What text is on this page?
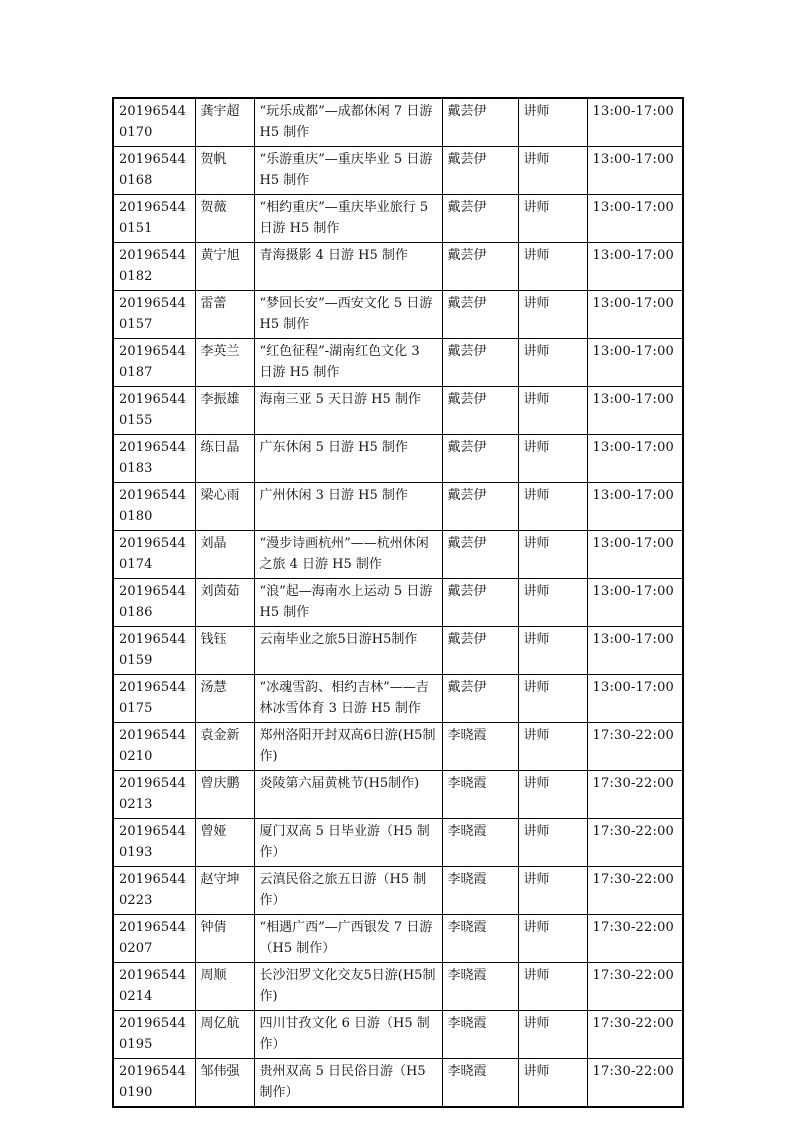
201965440170	龚宇超	“玩乐成都”—成都休闲 7 日游 H5 制作	戴芸伊	讲师	13:00-17:00
201965440168	贺帆	“乐游重庆”—重庆毕业 5 日游 H5 制作	戴芸伊	讲师	13:00-17:00
201965440151	贺薇	“相约重庆”—重庆毕业旅行 5 日游 H5 制作	戴芸伊	讲师	13:00-17:00
201965440182	黄宁旭	青海摄影 4 日游 H5 制作	戴芸伊	讲师	13:00-17:00
201965440157	雷蕾	“梦回长安”—西安文化 5 日游 H5 制作	戴芸伊	讲师	13:00-17:00
201965440187	李英兰	“红色征程”-湖南红色文化 3 日游 H5 制作	戴芸伊	讲师	13:00-17:00
201965440155	李振雄	海南三亚 5 天日游 H5 制作	戴芸伊	讲师	13:00-17:00
201965440183	练日晶	广东休闲 5 日游 H5 制作	戴芸伊	讲师	13:00-17:00
201965440180	梁心雨	广州休闲 3 日游 H5 制作	戴芸伊	讲师	13:00-17:00
201965440174	刘晶	“漫步诗画杭州”——杭州休闲之旅 4 日游 H5 制作	戴芸伊	讲师	13:00-17:00
201965440186	刘茵茹	“浪”起—海南水上运动 5 日游 H5 制作	戴芸伊	讲师	13:00-17:00
201965440159	钱钰	云南毕业之旅5日游H5制作	戴芸伊	讲师	13:00-17:00
201965440175	汤慧	“冰魂雪韵、相约吉林”——吉林冰雪体育 3 日游 H5 制作	戴芸伊	讲师	13:00-17:00
201965440210	袁金新	郑州洛阳开封双高6日游(H5制作)	李晓霞	讲师	17:30-22:00
201965440213	曾庆鹏	炎陵第六届黄桃节(H5制作)	李晓霞	讲师	17:30-22:00
201965440193	曾娅	厦门双高 5 日毕业游（H5 制作）	李晓霞	讲师	17:30-22:00
201965440223	赵守坤	云滇民俗之旅五日游（H5 制作）	李晓霞	讲师	17:30-22:00
201965440207	钟倩	“相遇广西”—广西银发 7 日游（H5 制作）	李晓霞	讲师	17:30-22:00
201965440214	周顺	长沙汨罗文化交友5日游(H5制作)	李晓霞	讲师	17:30-22:00
201965440195	周亿航	四川甘孜文化 6 日游（H5 制作）	李晓霞	讲师	17:30-22:00
201965440190	邹伟强	贵州双高 5 日民俗日游（H5 制作）	李晓霞	讲师	17:30-22:00
